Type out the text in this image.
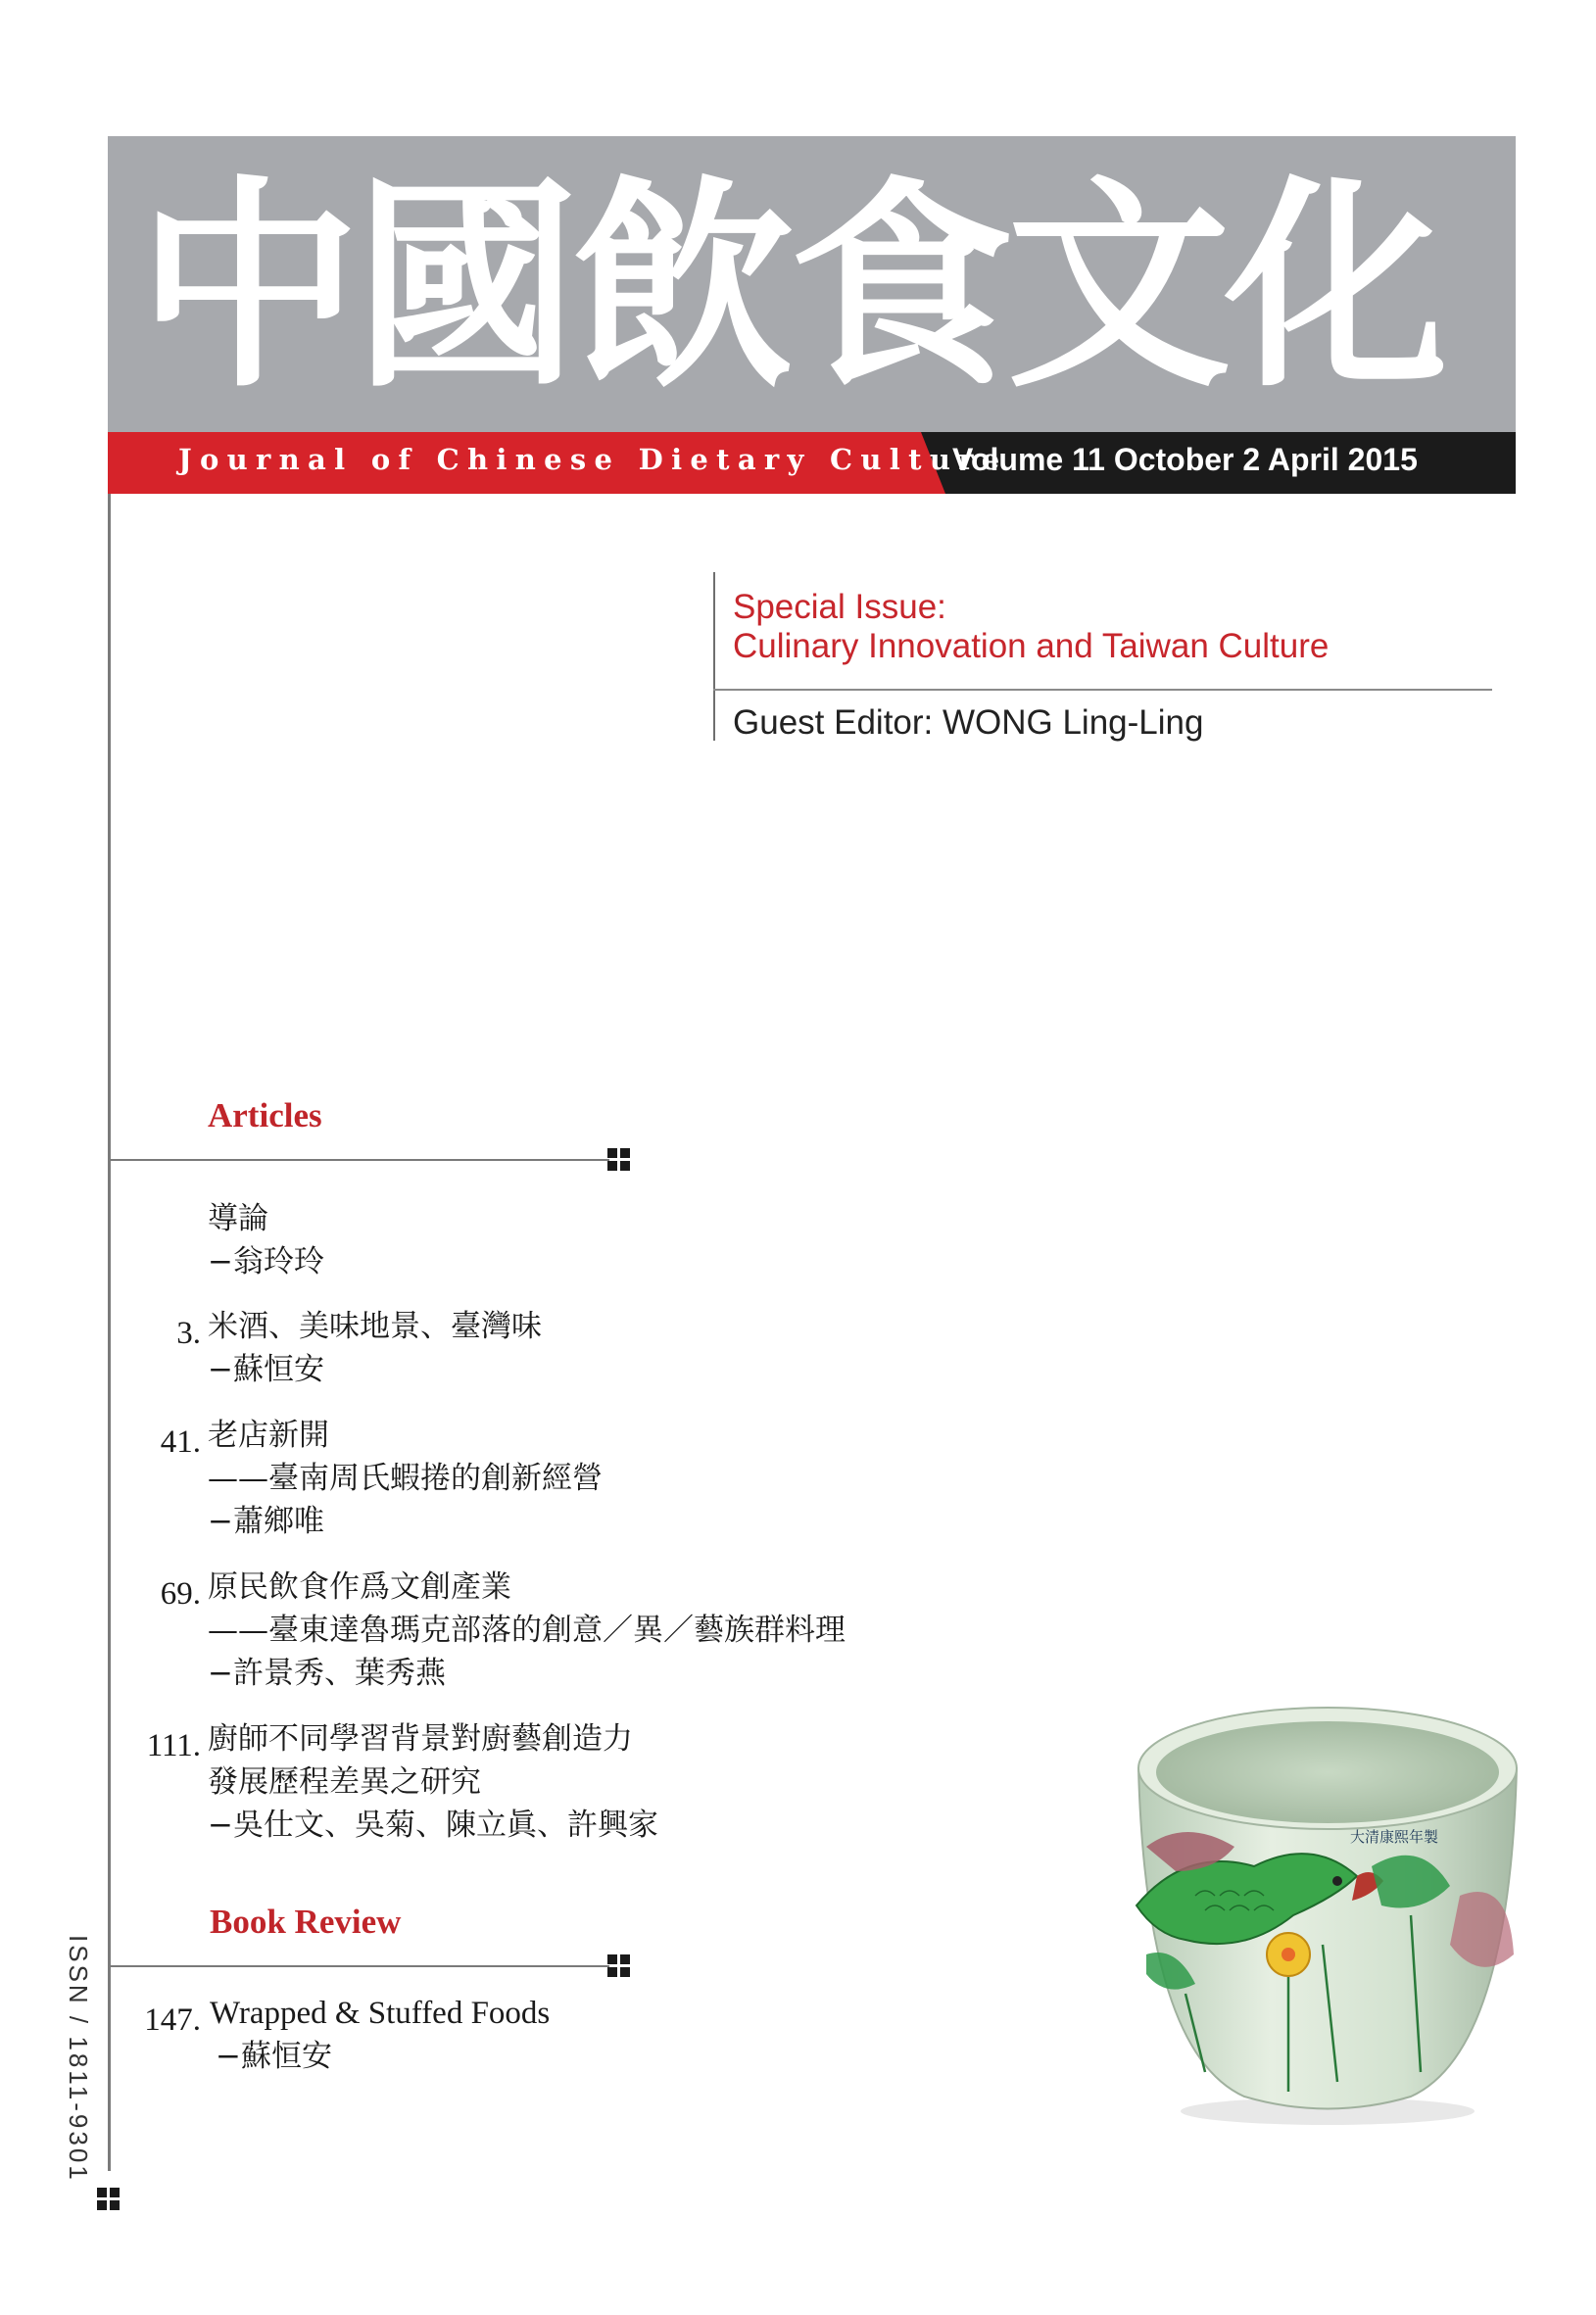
中國飲食文化

Journal of Chinese Dietary Culture

Volume 11 October 2 April 2015

Special Issue:

Culinary Innovation and Taiwan Culture

Guest Editor: WONG Ling-Ling

Articles

導論

−翁玲玲

3. 米酒、美味地景、臺灣味

−蘇恒安

41. 老店新開

——臺南周氏蝦捲的創新經營

−蕭鄉唯

69. 原民飲食作爲文創產業

——臺東達魯瑪克部落的創意／異／藝族群料理

−許景秀、葉秀燕

111. 廚師不同學習背景對廚藝創造力

發展歷程差異之研究

−吳仕文、吳菊、陳立眞、許興家

Book Review

147. Wrapped & Stuffed Foods

−蘇恒安

ISSN / 1811-9301

大清康熙年製
